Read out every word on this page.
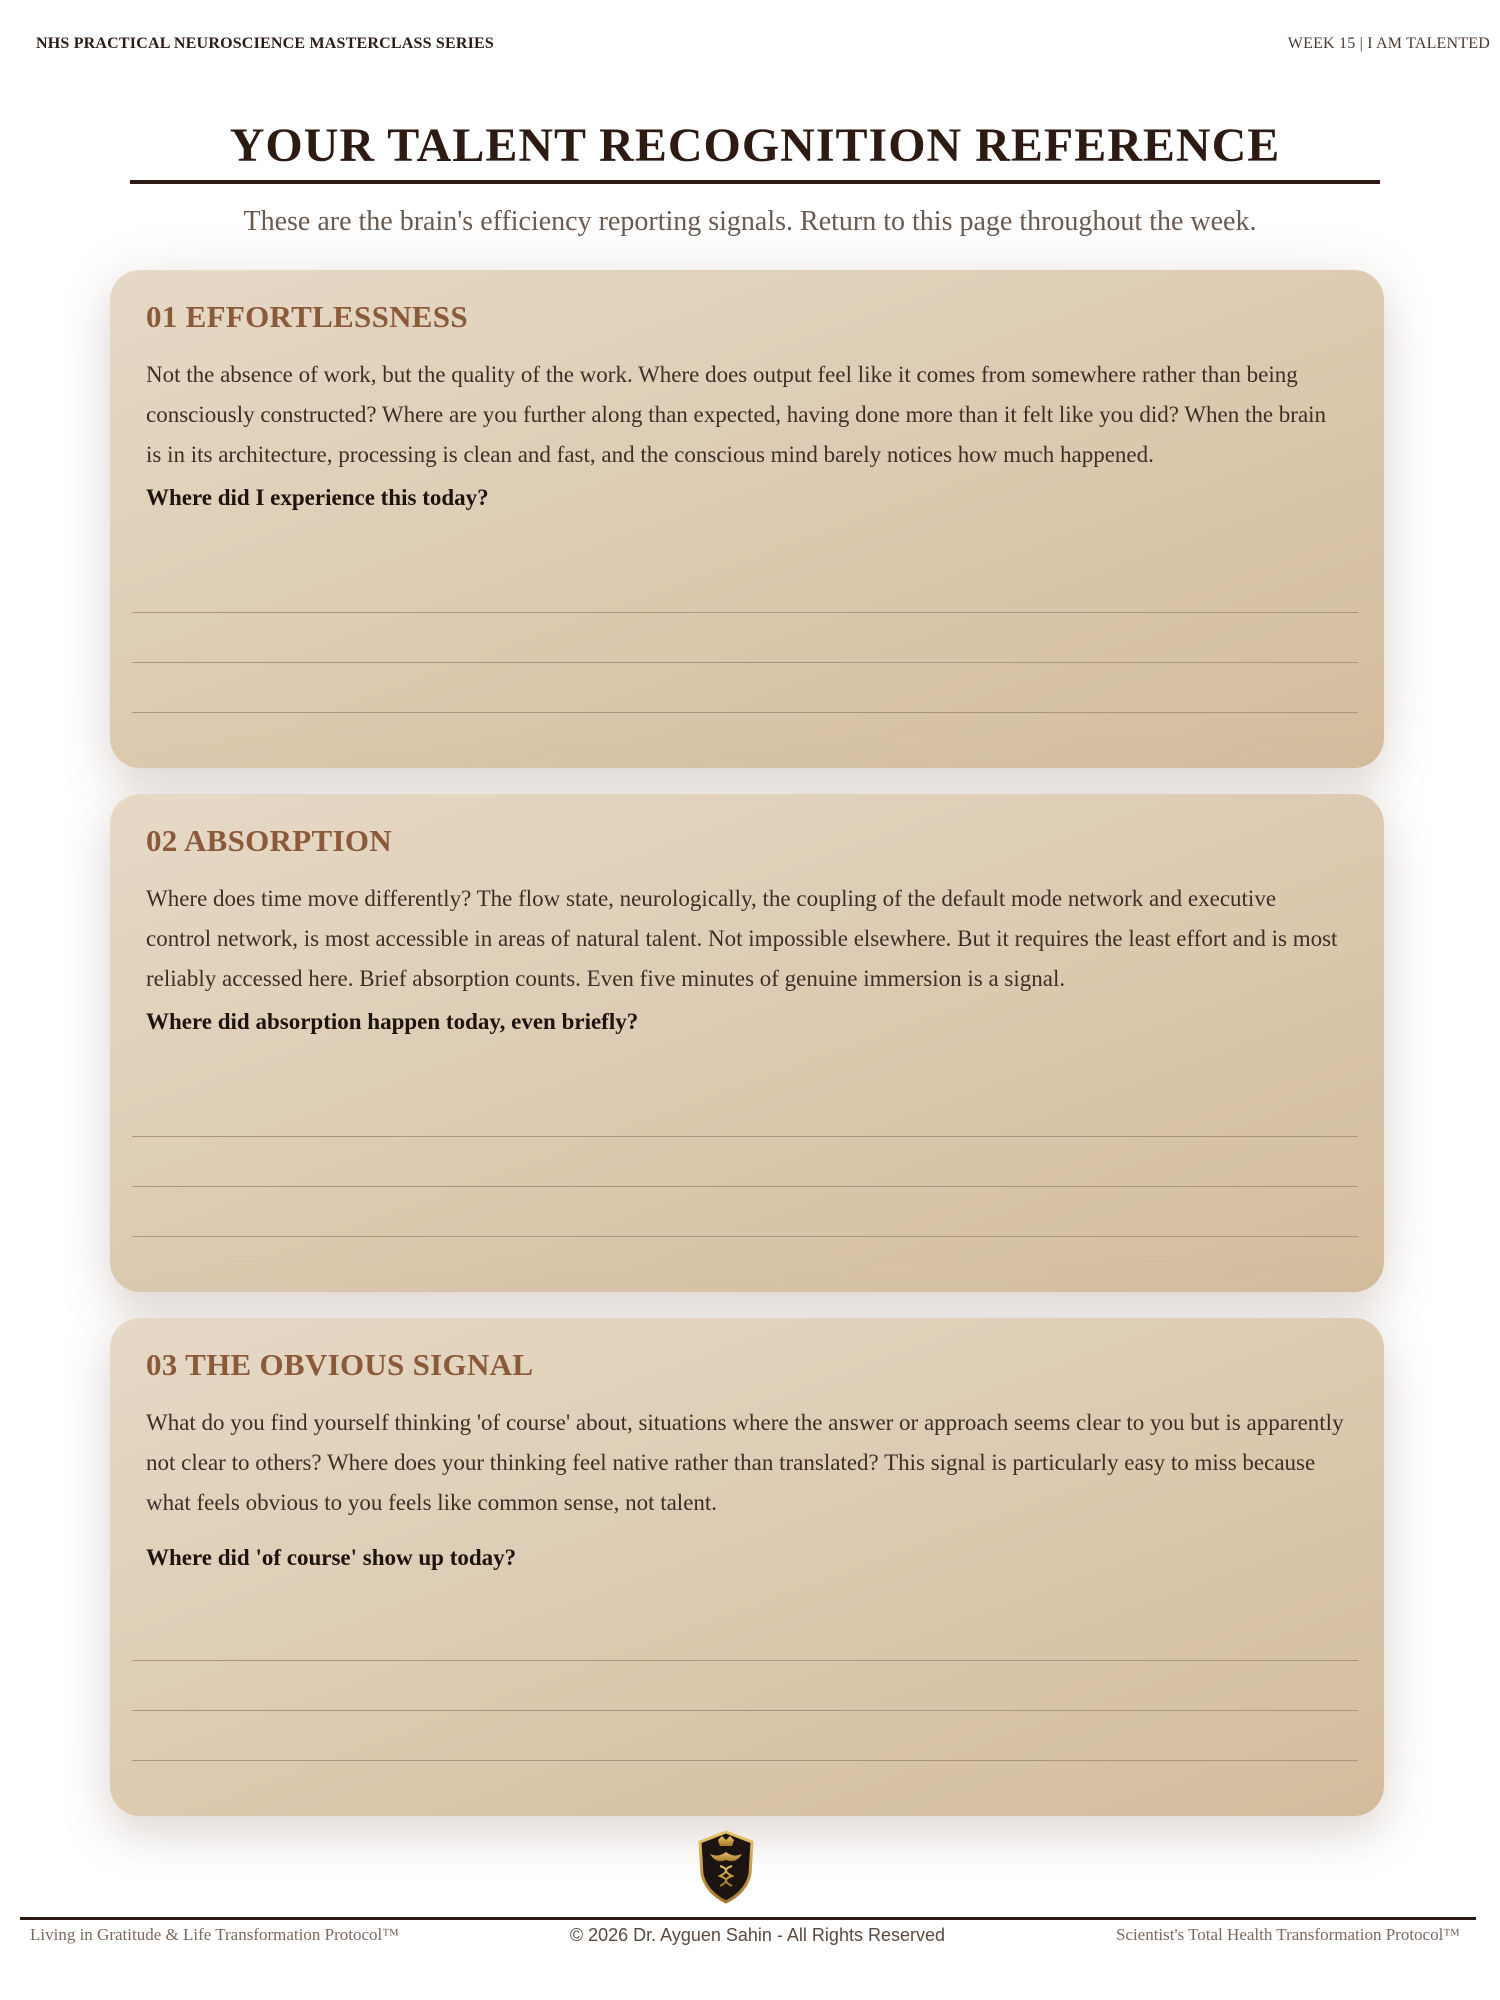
NHS PRACTICAL NEUROSCIENCE MASTERCLASS SERIES	WEEK 15 | I AM TALENTED
YOUR TALENT RECOGNITION REFERENCE
These are the brain's efficiency reporting signals. Return to this page throughout the week.
01 EFFORTLESSNESS

Not the absence of work, but the quality of the work. Where does output feel like it comes from somewhere rather than being consciously constructed? Where are you further along than expected, having done more than it felt like you did? When the brain is in its architecture, processing is clean and fast, and the conscious mind barely notices how much happened.

Where did I experience this today?

02 ABSORPTION

Where does time move differently? The flow state, neurologically, the coupling of the default mode network and executive control network, is most accessible in areas of natural talent. Not impossible elsewhere. But it requires the least effort and is most reliably accessed here. Brief absorption counts. Even five minutes of genuine immersion is a signal.

Where did absorption happen today, even briefly?

03 THE OBVIOUS SIGNAL

What do you find yourself thinking 'of course' about, situations where the answer or approach seems clear to you but is apparently not clear to others? Where does your thinking feel native rather than translated? This signal is particularly easy to miss because what feels obvious to you feels like common sense, not talent.

Where did 'of course' show up today?

Living in Gratitude & Life Transformation Protocol™	© 2026 Dr. Ayguen Sahin - All Rights Reserved	Scientist's Total Health Transformation Protocol™
